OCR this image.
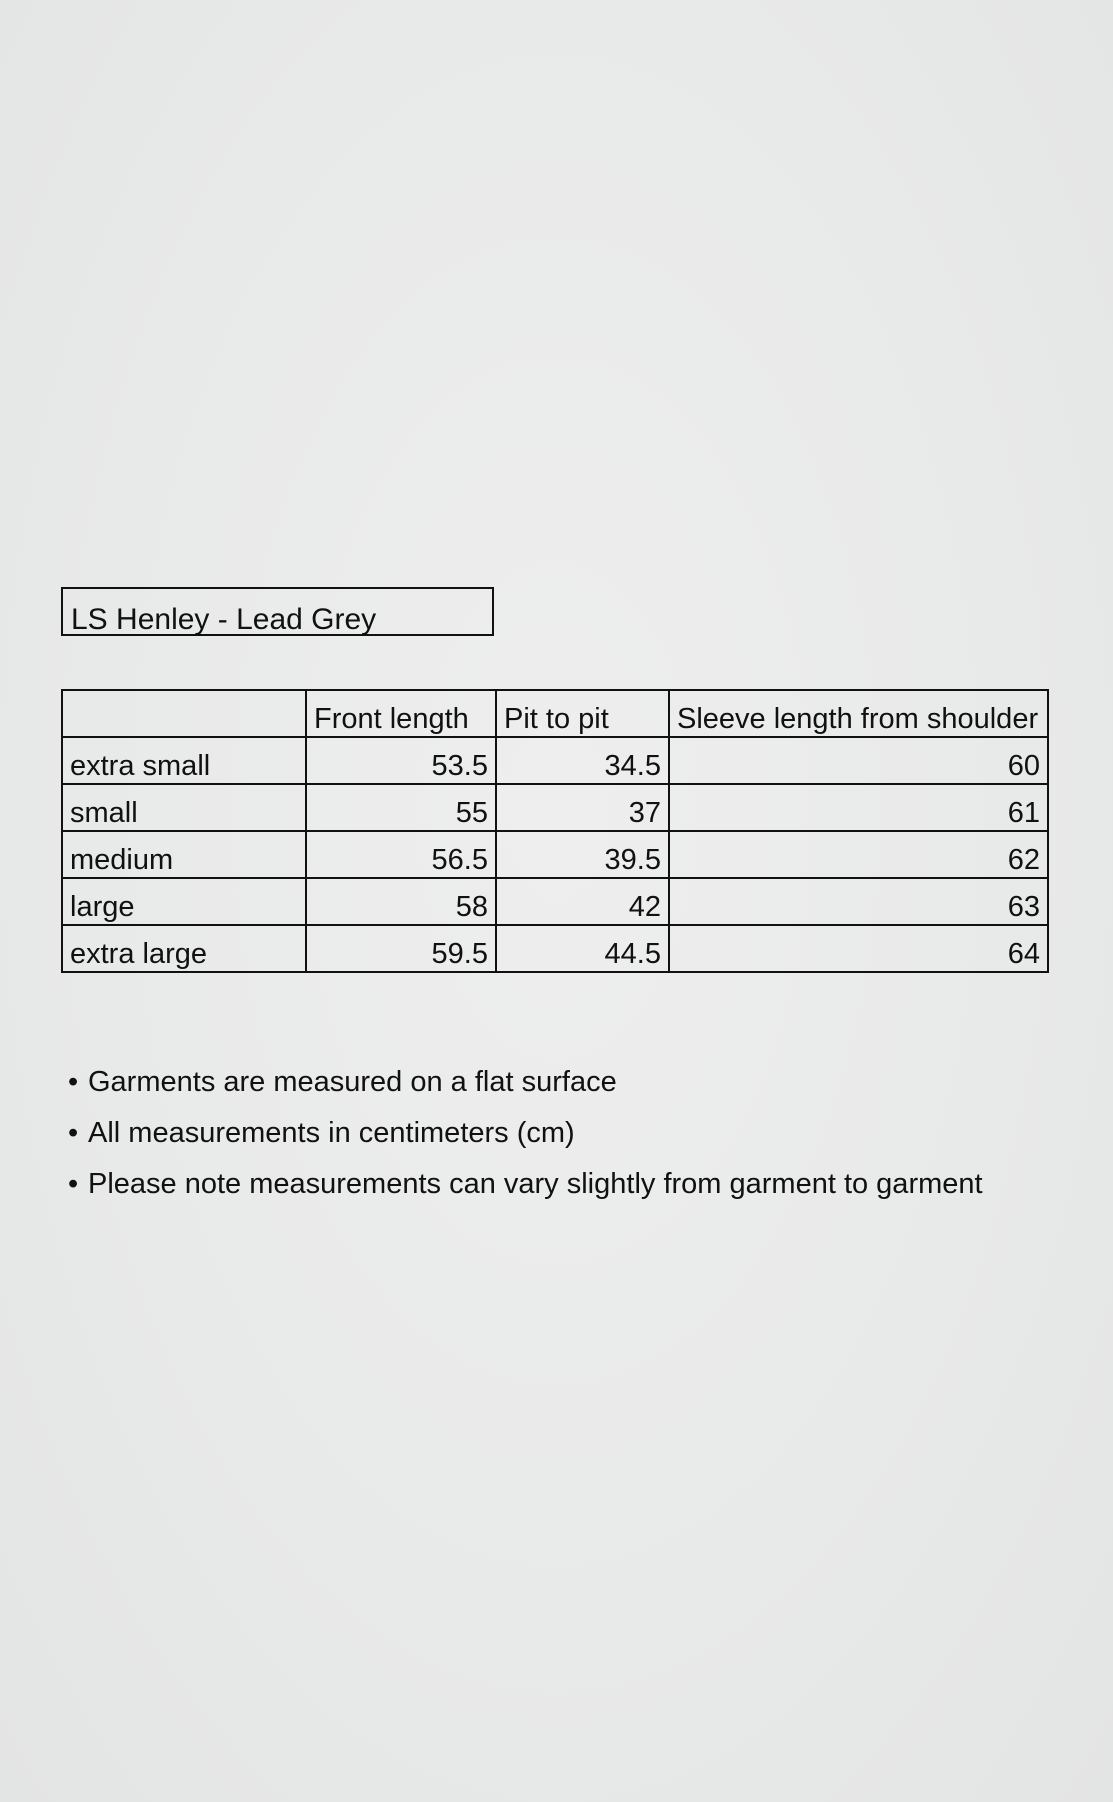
LS Henley - Lead Grey
	Front length	Pit to pit	Sleeve length from shoulder
extra small	53.5	34.5	60
small	55	37	61
medium	56.5	39.5	62
large	58	42	63
extra large	59.5	44.5	64
• Garments are measured on a flat surface
• All measurements in centimeters (cm)
• Please note measurements can vary slightly from garment to garment
